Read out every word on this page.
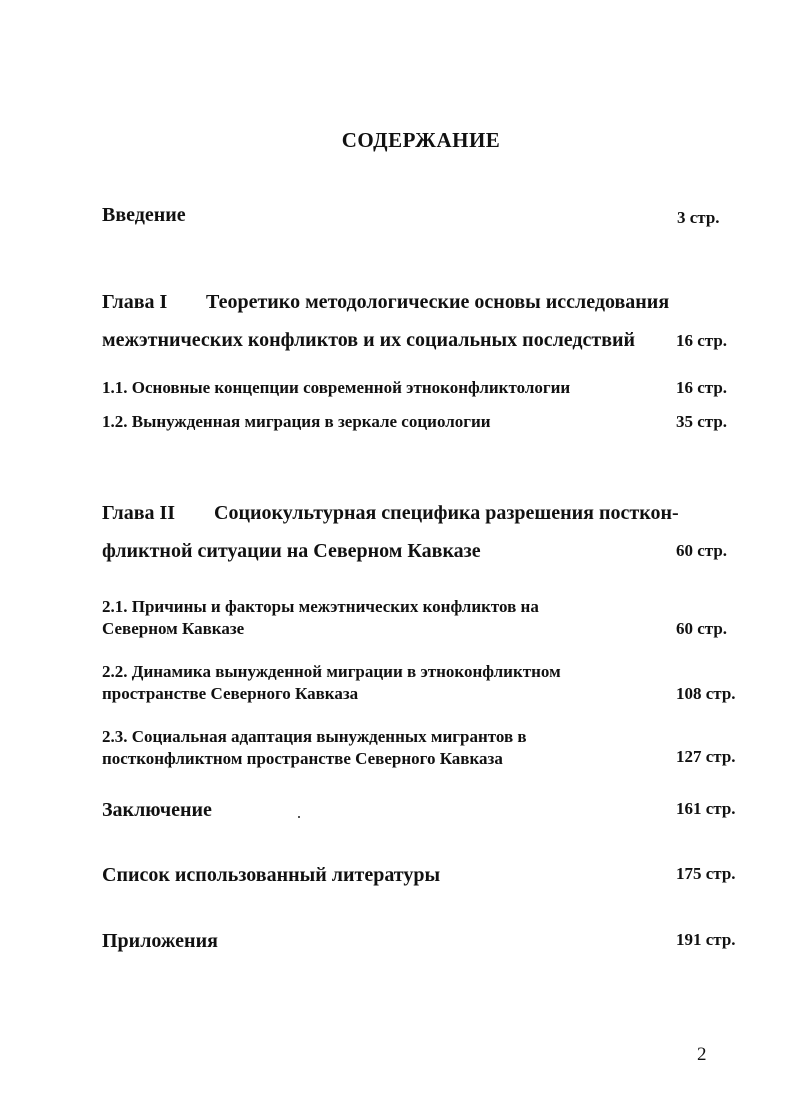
СОДЕРЖАНИЕ
Введение	3 стр.
Глава I Теоретико методологические основы исследования
межэтнических конфликтов и их социальных последствий 16 стр.
1.1. Основные концепции современной этноконфликтологии	16 стр.
1.2. Вынужденная миграция в зеркале социологии	35 стр.
Глава II Социокультурная специфика разрешения посткон-
фликтной ситуации на Северном Кавказе	60 стр.
2.1. Причины и факторы межэтнических конфликтов на
Северном Кавказе	60 стр.
2.2. Динамика вынужденной миграции в этноконфликтном
пространстве Северного Кавказа	108 стр.
2.3. Социальная адаптация вынужденных мигрантов в
постконфликтном пространстве Северного Кавказа	127 стр.
Заключение	161 стр.
Список использованный литературы	175 стр.
Приложения	191 стр.
2
